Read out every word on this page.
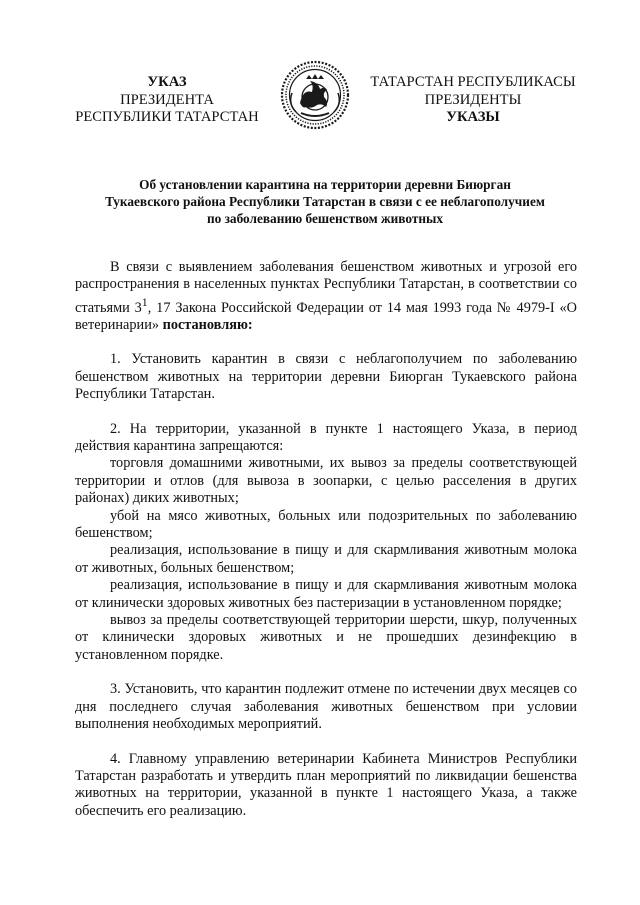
УКАЗ
ПРЕЗИДЕНТА
РЕСПУБЛИКИ ТАТАРСТАН
ТАТАРСТАН РЕСПУБЛИКАСЫ
ПРЕЗИДЕНТЫ
УКАЗЫ
Об установлении карантина на территории деревни Биюрган
Тукаевского района Республики Татарстан в связи с ее неблагополучием
по заболеванию бешенством животных

В связи с выявлением заболевания бешенством животных и угрозой его распространения в населенных пунктах Республики Татарстан, в соответствии со статьями $3^1$, 17 Закона Российской Федерации от 14 мая 1993 года № 4979-I «О ветеринарии» постановляю:

1. Установить карантин в связи с неблагополучием по заболеванию бешенством животных на территории деревни Биюрган Тукаевского района Республики Татарстан.

2. На территории, указанной в пункте 1 настоящего Указа, в период действия карантина запрещаются:

торговля домашними животными, их вывоз за пределы соответствующей территории и отлов (для вывоза в зоопарки, с целью расселения в других районах) диких животных;

убой на мясо животных, больных или подозрительных по заболеванию бешенством;

реализация, использование в пищу и для скармливания животным молока от животных, больных бешенством;

реализация, использование в пищу и для скармливания животным молока от клинически здоровых животных без пастеризации в установленном порядке;

вывоз за пределы соответствующей территории шерсти, шкур, полученных от клинически здоровых животных и не прошедших дезинфекцию в установленном порядке.

3. Установить, что карантин подлежит отмене по истечении двух месяцев со дня последнего случая заболевания животных бешенством при условии выполнения необходимых мероприятий.

4. Главному управлению ветеринарии Кабинета Министров Республики Татарстан разработать и утвердить план мероприятий по ликвидации бешенства животных на территории, указанной в пункте 1 настоящего Указа, а также обеспечить его реализацию.
